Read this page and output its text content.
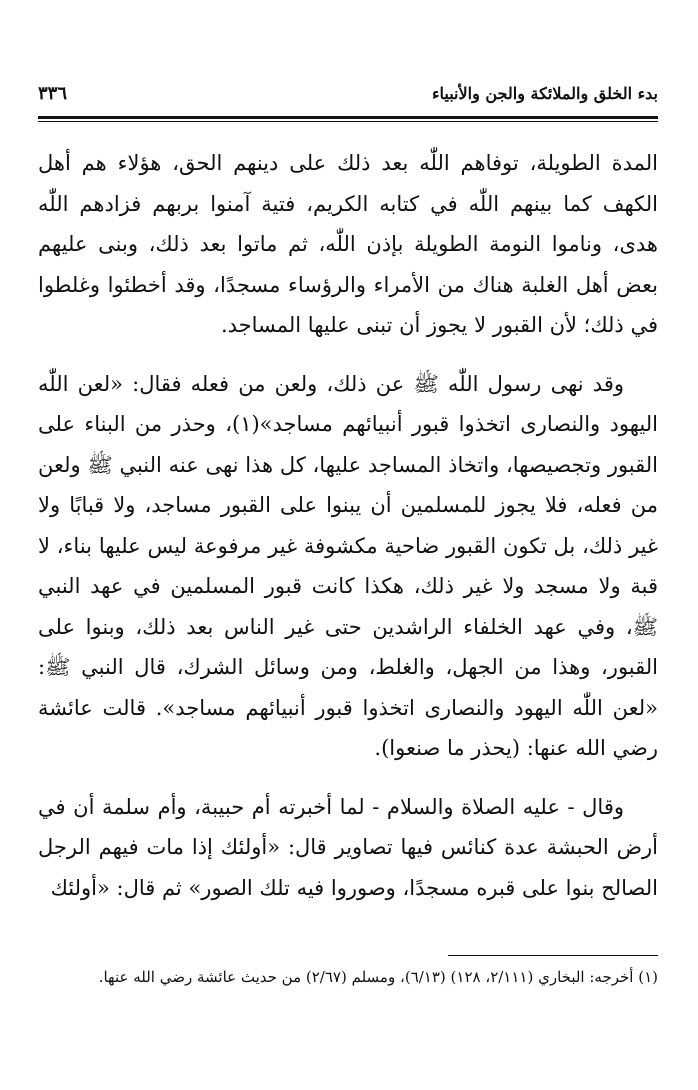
بدء الخلق والملائكة والجن والأنبياء
٣٣٦

المدة الطويلة، توفاهم اللّٰه بعد ذلك على دينهم الحق، هؤلاء هم أهل الكهف كما بينهم اللّٰه في كتابه الكريم، فتية آمنوا بربهم فزادهم اللّٰه هدى، وناموا النومة الطويلة بإذن اللّٰه، ثم ماتوا بعد ذلك، وبنى عليهم بعض أهل الغلبة هناك من الأمراء والرؤساء مسجدًا، وقد أخطئوا وغلطوا في ذلك؛ لأن القبور لا يجوز أن تبنى عليها المساجد.

وقد نهى رسول اللّٰه ﷺ عن ذلك، ولعن من فعله فقال: «لعن اللّٰه اليهود والنصارى اتخذوا قبور أنبيائهم مساجد»(١)، وحذر من البناء على القبور وتجصيصها، واتخاذ المساجد عليها، كل هذا نهى عنه النبي ﷺ ولعن من فعله، فلا يجوز للمسلمين أن يبنوا على القبور مساجد، ولا قبابًا ولا غير ذلك، بل تكون القبور ضاحية مكشوفة غير مرفوعة ليس عليها بناء، لا قبة ولا مسجد ولا غير ذلك، هكذا كانت قبور المسلمين في عهد النبي ﷺ، وفي عهد الخلفاء الراشدين حتى غير الناس بعد ذلك، وبنوا على القبور، وهذا من الجهل، والغلط، ومن وسائل الشرك، قال النبي ﷺ: «لعن اللّٰه اليهود والنصارى اتخذوا قبور أنبيائهم مساجد». قالت عائشة رضي الله عنها: (يحذر ما صنعوا).

وقال - عليه الصلاة والسلام - لما أخبرته أم حبيبة، وأم سلمة أن في أرض الحبشة عدة كنائس فيها تصاوير قال: «أولئك إذا مات فيهم الرجل الصالح بنوا على قبره مسجدًا، وصوروا فيه تلك الصور» ثم قال: «أولئك

(١) أخرجه: البخاري (٢/١١١، ١٢٨) (٦/١٣)، ومسلم (٢/٦٧) من حديث عائشة رضي الله عنها.
